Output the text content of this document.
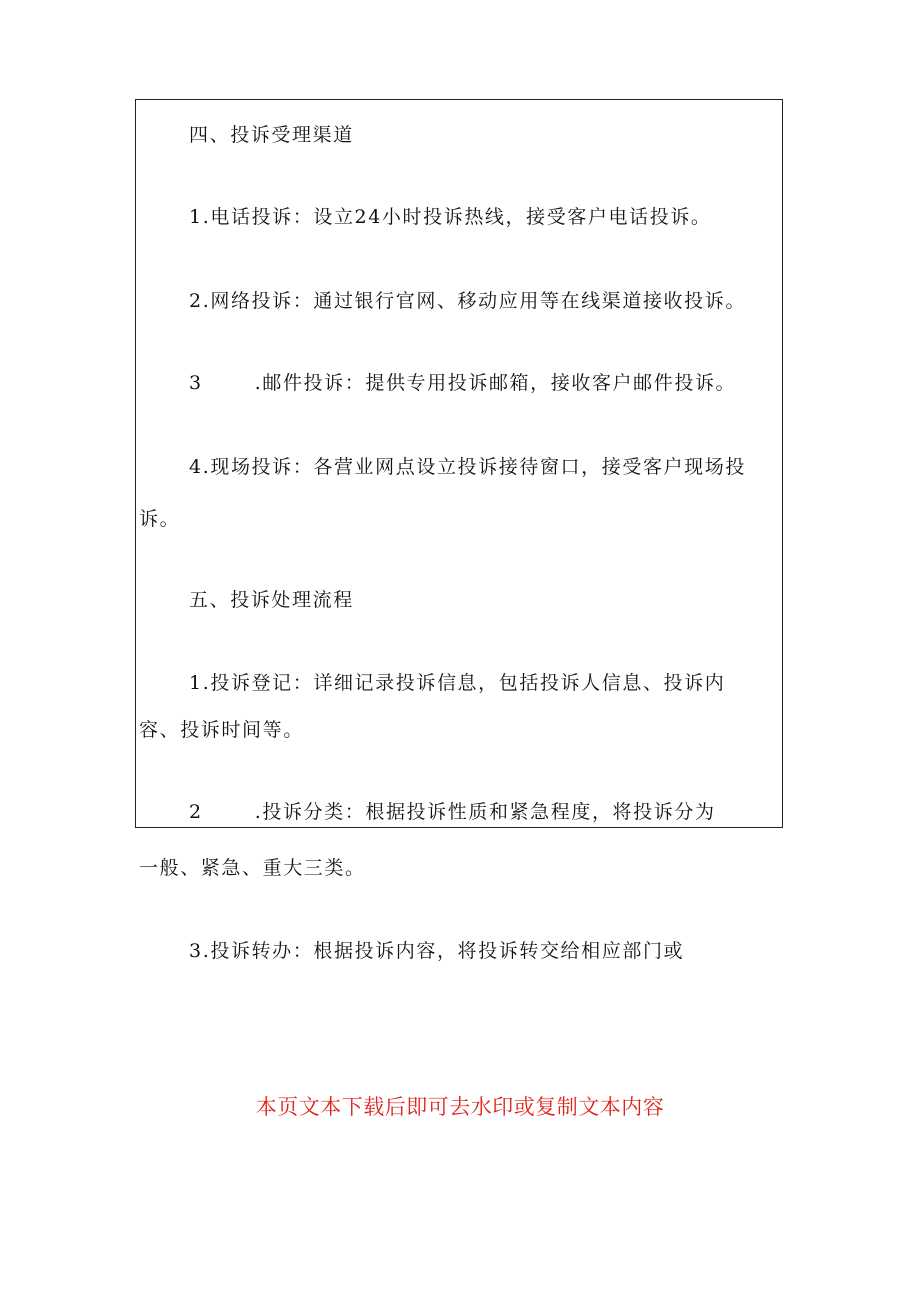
四、投诉受理渠道
1.电话投诉：设立24小时投诉热线，接受客户电话投诉。
2.网络投诉：通过银行官网、移动应用等在线渠道接收投诉。
3	.邮件投诉：提供专用投诉邮箱，接收客户邮件投诉。
4.现场投诉：各营业网点设立投诉接待窗口，接受客户现场投
诉。
五、投诉处理流程
1.投诉登记：详细记录投诉信息，包括投诉人信息、投诉内
容、投诉时间等。
2	.投诉分类：根据投诉性质和紧急程度，将投诉分为
一般、紧急、重大三类。
3.投诉转办：根据投诉内容，将投诉转交给相应部门或
本页文本下载后即可去水印或复制文本内容
